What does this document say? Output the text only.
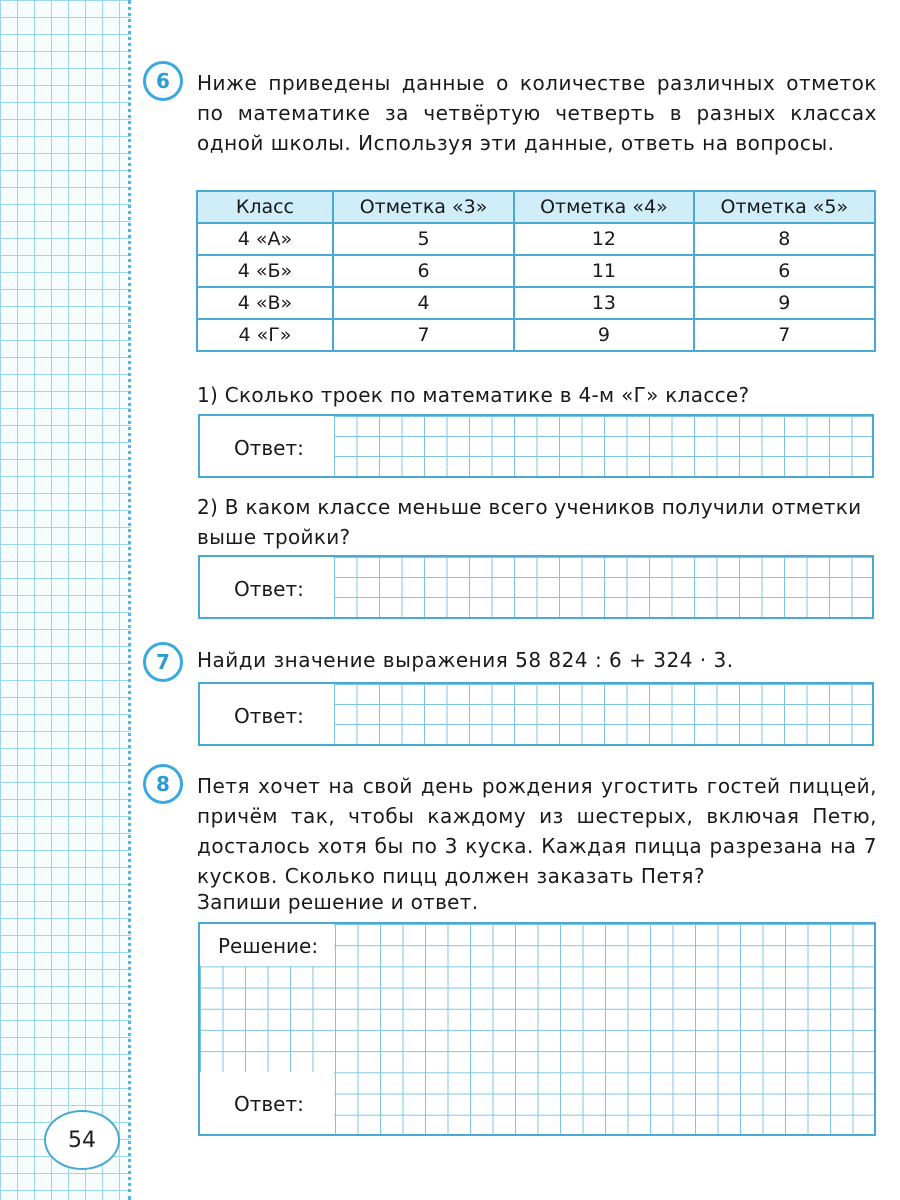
54
6	Ниже приведены данные о количестве различных отметок по математике за четвёртую четверть в разных классах одной школы. Используя эти данные, ответь на вопросы.
Класс	Отметка «3»	Отметка «4»	Отметка «5»
4 «А»	5	12	8
4 «Б»	6	11	6
4 «В»	4	13	9
4 «Г»	7	9	7
1) Сколько троек по математике в 4-м «Г» классе?
Ответ:
2) В каком классе меньше всего учеников получили отметки выше тройки?
Ответ:
7	Найди значение выражения 58 824 : 6 + 324 · 3.
Ответ:
8	Петя хочет на свой день рождения угостить гостей пиццей, причём так, чтобы каждому из шестерых, включая Петю, досталось хотя бы по 3 куска. Каждая пицца разрезана на 7 кусков. Сколько пицц должен заказать Петя?
Запиши решение и ответ.
Решение:
Ответ:
